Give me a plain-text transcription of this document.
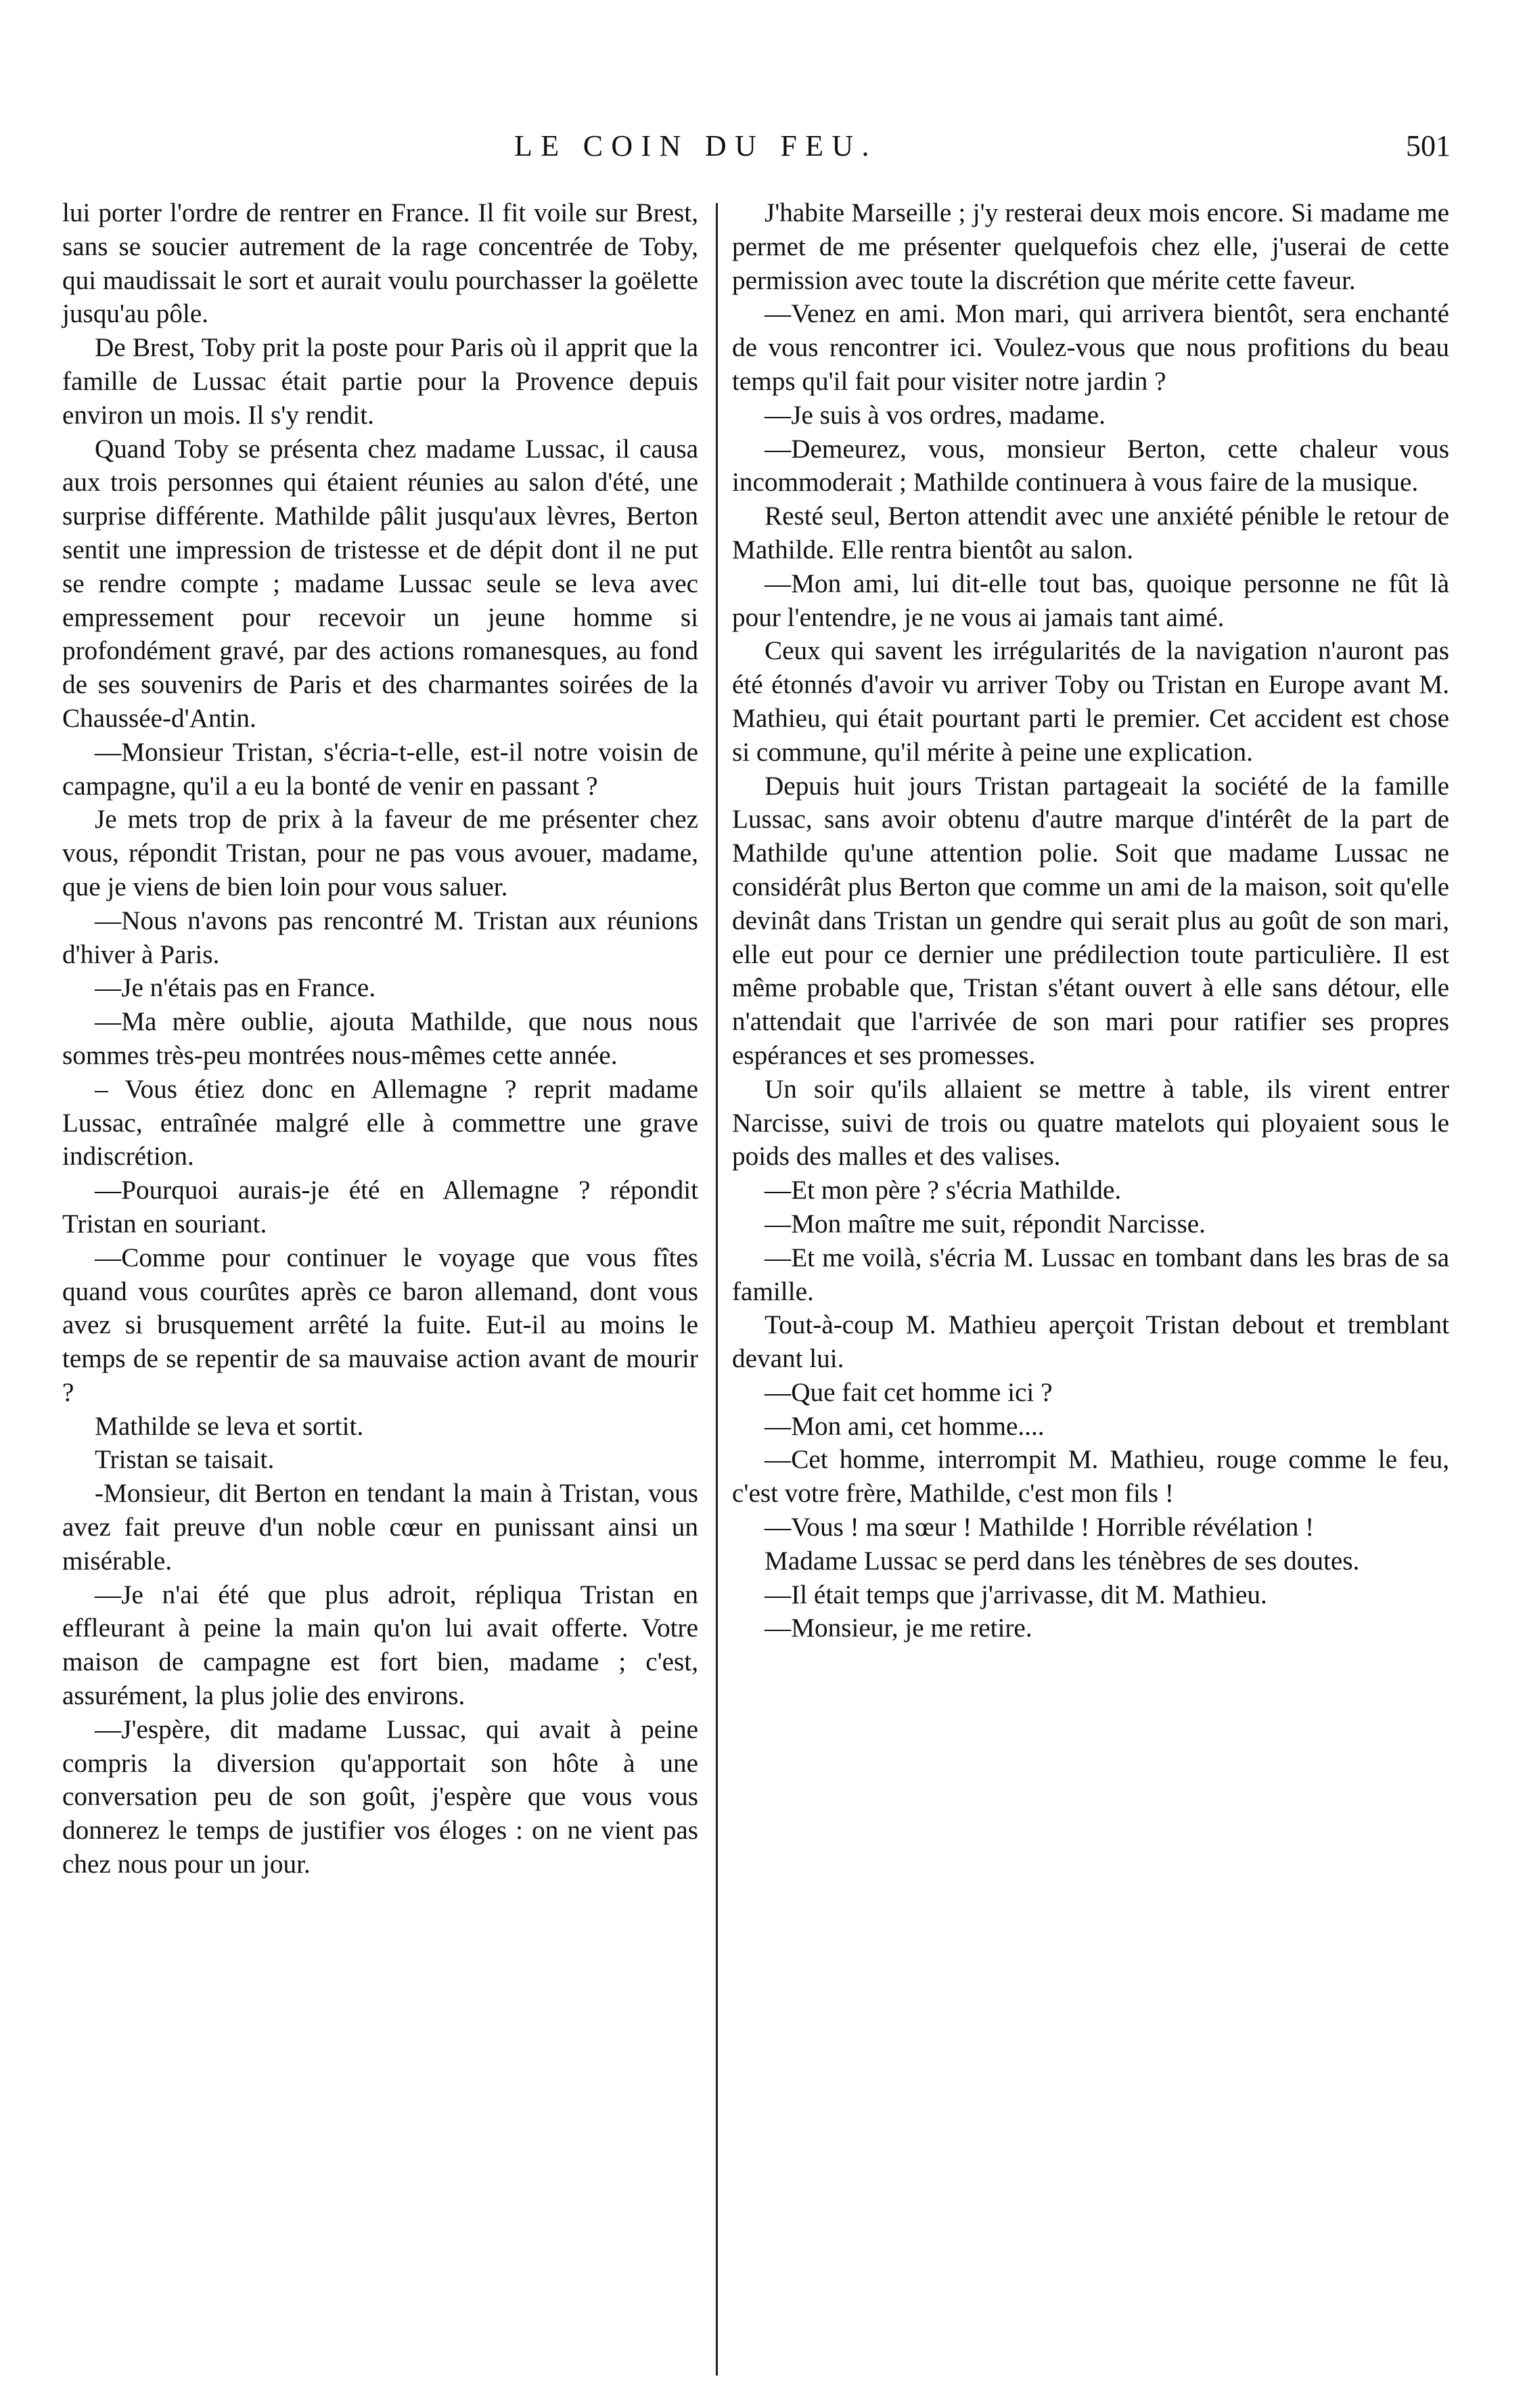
LE COIN DU FEU.	501

lui porter l'ordre de rentrer en France. Il fit voile sur Brest, sans se soucier autrement de la rage concentrée de Toby, qui maudissait le sort et aurait voulu pourchasser la goëlette jusqu'au pôle.

De Brest, Toby prit la poste pour Paris où il apprit que la famille de Lussac était partie pour la Provence depuis environ un mois. Il s'y rendit.

Quand Toby se présenta chez madame Lussac, il causa aux trois personnes qui étaient réunies au salon d'été, une surprise différente. Mathilde pâlit jusqu'aux lèvres, Berton sentit une impression de tristesse et de dépit dont il ne put se rendre compte ; madame Lussac seule se leva avec empressement pour recevoir un jeune homme si profondément gravé, par des actions romanesques, au fond de ses souvenirs de Paris et des charmantes soirées de la Chaussée-d'Antin.

—Monsieur Tristan, s'écria-t-elle, est-il notre voisin de campagne, qu'il a eu la bonté de venir en passant ?

Je mets trop de prix à la faveur de me présenter chez vous, répondit Tristan, pour ne pas vous avouer, madame, que je viens de bien loin pour vous saluer.

—Nous n'avons pas rencontré M. Tristan aux réunions d'hiver à Paris.

—Je n'étais pas en France.

—Ma mère oublie, ajouta Mathilde, que nous nous sommes très-peu montrées nous-mêmes cette année.

– Vous étiez donc en Allemagne ? reprit madame Lussac, entraînée malgré elle à commettre une grave indiscrétion.

—Pourquoi aurais-je été en Allemagne ? répondit Tristan en souriant.

—Comme pour continuer le voyage que vous fîtes quand vous courûtes après ce baron allemand, dont vous avez si brusquement arrêté la fuite. Eut-il au moins le temps de se repentir de sa mauvaise action avant de mourir ?

Mathilde se leva et sortit.

Tristan se taisait.

-Monsieur, dit Berton en tendant la main à Tristan, vous avez fait preuve d'un noble cœur en punissant ainsi un misérable.

—Je n'ai été que plus adroit, répliqua Tristan en effleurant à peine la main qu'on lui avait offerte. Votre maison de campagne est fort bien, madame ; c'est, assurément, la plus jolie des environs.

—J'espère, dit madame Lussac, qui avait à peine compris la diversion qu'apportait son hôte à une conversation peu de son goût, j'espère que vous vous donnerez le temps de justifier vos éloges : on ne vient pas chez nous pour un jour.

J'habite Marseille ; j'y resterai deux mois encore. Si madame me permet de me présenter quelquefois chez elle, j'userai de cette permission avec toute la discrétion que mérite cette faveur.

—Venez en ami. Mon mari, qui arrivera bientôt, sera enchanté de vous rencontrer ici. Voulez-vous que nous profitions du beau temps qu'il fait pour visiter notre jardin ?

—Je suis à vos ordres, madame.

—Demeurez, vous, monsieur Berton, cette chaleur vous incommoderait ; Mathilde continuera à vous faire de la musique.

Resté seul, Berton attendit avec une anxiété pénible le retour de Mathilde. Elle rentra bientôt au salon.

—Mon ami, lui dit-elle tout bas, quoique personne ne fût là pour l'entendre, je ne vous ai jamais tant aimé.

Ceux qui savent les irrégularités de la navigation n'auront pas été étonnés d'avoir vu arriver Toby ou Tristan en Europe avant M. Mathieu, qui était pourtant parti le premier. Cet accident est chose si commune, qu'il mérite à peine une explication.

Depuis huit jours Tristan partageait la société de la famille Lussac, sans avoir obtenu d'autre marque d'intérêt de la part de Mathilde qu'une attention polie. Soit que madame Lussac ne considérât plus Berton que comme un ami de la maison, soit qu'elle devinât dans Tristan un gendre qui serait plus au goût de son mari, elle eut pour ce dernier une prédilection toute particulière. Il est même probable que, Tristan s'étant ouvert à elle sans détour, elle n'attendait que l'arrivée de son mari pour ratifier ses propres espérances et ses promesses.

Un soir qu'ils allaient se mettre à table, ils virent entrer Narcisse, suivi de trois ou quatre matelots qui ployaient sous le poids des malles et des valises.

—Et mon père ? s'écria Mathilde.

—Mon maître me suit, répondit Narcisse.

—Et me voilà, s'écria M. Lussac en tombant dans les bras de sa famille.

Tout-à-coup M. Mathieu aperçoit Tristan debout et tremblant devant lui.

—Que fait cet homme ici ?

—Mon ami, cet homme....

—Cet homme, interrompit M. Mathieu, rouge comme le feu, c'est votre frère, Mathilde, c'est mon fils !

—Vous ! ma sœur ! Mathilde ! Horrible révélation !

Madame Lussac se perd dans les ténèbres de ses doutes.

—Il était temps que j'arrivasse, dit M. Mathieu.

—Monsieur, je me retire.
